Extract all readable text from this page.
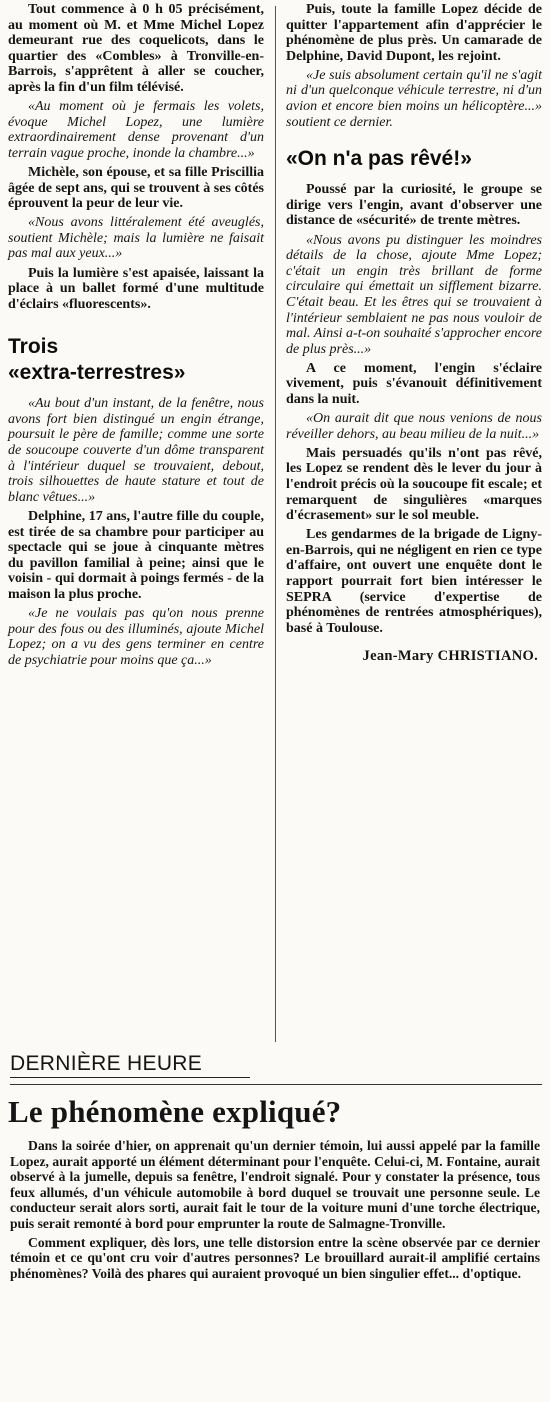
Tout commence à 0 h 05 précisément, au moment où M. et Mme Michel Lopez demeurant rue des coquelicots, dans le quartier des «Combles» à Tronville-en-Barrois, s'apprêtent à aller se coucher, après la fin d'un film télévisé.

«Au moment où je fermais les volets, évoque Michel Lopez, une lumière extraordinairement dense provenant d'un terrain vague proche, inonde la chambre...»

Michèle, son épouse, et sa fille Priscillia âgée de sept ans, qui se trouvent à ses côtés éprouvent la peur de leur vie.

«Nous avons littéralement été aveuglés, soutient Michèle; mais la lumière ne faisait pas mal aux yeux...»

Puis la lumière s'est apaisée, laissant la place à un ballet formé d'une multitude d'éclairs «fluorescents».

Trois
«extra-terrestres»

«Au bout d'un instant, de la fenêtre, nous avons fort bien distingué un engin étrange, poursuit le père de famille; comme une sorte de soucoupe couverte d'un dôme transparent à l'intérieur duquel se trouvaient, debout, trois silhouettes de haute stature et tout de blanc vêtues...»

Delphine, 17 ans, l'autre fille du couple, est tirée de sa chambre pour participer au spectacle qui se joue à cinquante mètres du pavillon familial à peine; ainsi que le voisin - qui dormait à poings fermés - de la maison la plus proche.

«Je ne voulais pas qu'on nous prenne pour des fous ou des illuminés, ajoute Michel Lopez; on a vu des gens terminer en centre de psychiatrie pour moins que ça...»

Puis, toute la famille Lopez décide de quitter l'appartement afin d'apprécier le phénomène de plus près. Un camarade de Delphine, David Dupont, les rejoint.

«Je suis absolument certain qu'il ne s'agit ni d'un quelconque véhicule terrestre, ni d'un avion et encore bien moins un hélicoptère...» soutient ce dernier.

«On n'a pas rêvé!»

Poussé par la curiosité, le groupe se dirige vers l'engin, avant d'observer une distance de «sécurité» de trente mètres.

«Nous avons pu distinguer les moindres détails de la chose, ajoute Mme Lopez; c'était un engin très brillant de forme circulaire qui émettait un sifflement bizarre. C'était beau. Et les êtres qui se trouvaient à l'intérieur semblaient ne pas nous vouloir de mal. Ainsi a-t-on souhaité s'approcher encore de plus près...»

A ce moment, l'engin s'éclaire vivement, puis s'évanouit définitivement dans la nuit.

«On aurait dit que nous venions de nous réveiller dehors, au beau milieu de la nuit...»

Mais persuadés qu'ils n'ont pas rêvé, les Lopez se rendent dès le lever du jour à l'endroit précis où la soucoupe fit escale; et remarquent de singulières «marques d'écrasement» sur le sol meuble.

Les gendarmes de la brigade de Ligny-en-Barrois, qui ne négligent en rien ce type d'affaire, ont ouvert une enquête dont le rapport pourrait fort bien intéresser le SEPRA (service d'expertise de phénomènes de rentrées atmosphériques), basé à Toulouse.

Jean-Mary CHRISTIANO.
DERNIÈRE HEURE
Le phénomène expliqué?

Dans la soirée d'hier, on apprenait qu'un dernier témoin, lui aussi appelé par la famille Lopez, aurait apporté un élément déterminant pour l'enquête. Celui-ci, M. Fontaine, aurait observé à la jumelle, depuis sa fenêtre, l'endroit signalé. Pour y constater la présence, tous feux allumés, d'un véhicule automobile à bord duquel se trouvait une personne seule. Le conducteur serait alors sorti, aurait fait le tour de la voiture muni d'une torche électrique, puis serait remonté à bord pour emprunter la route de Salmagne-Tronville.

Comment expliquer, dès lors, une telle distorsion entre la scène observée par ce dernier témoin et ce qu'ont cru voir d'autres personnes? Le brouillard aurait-il amplifié certains phénomènes? Voilà des phares qui auraient provoqué un bien singulier effet... d'optique.
